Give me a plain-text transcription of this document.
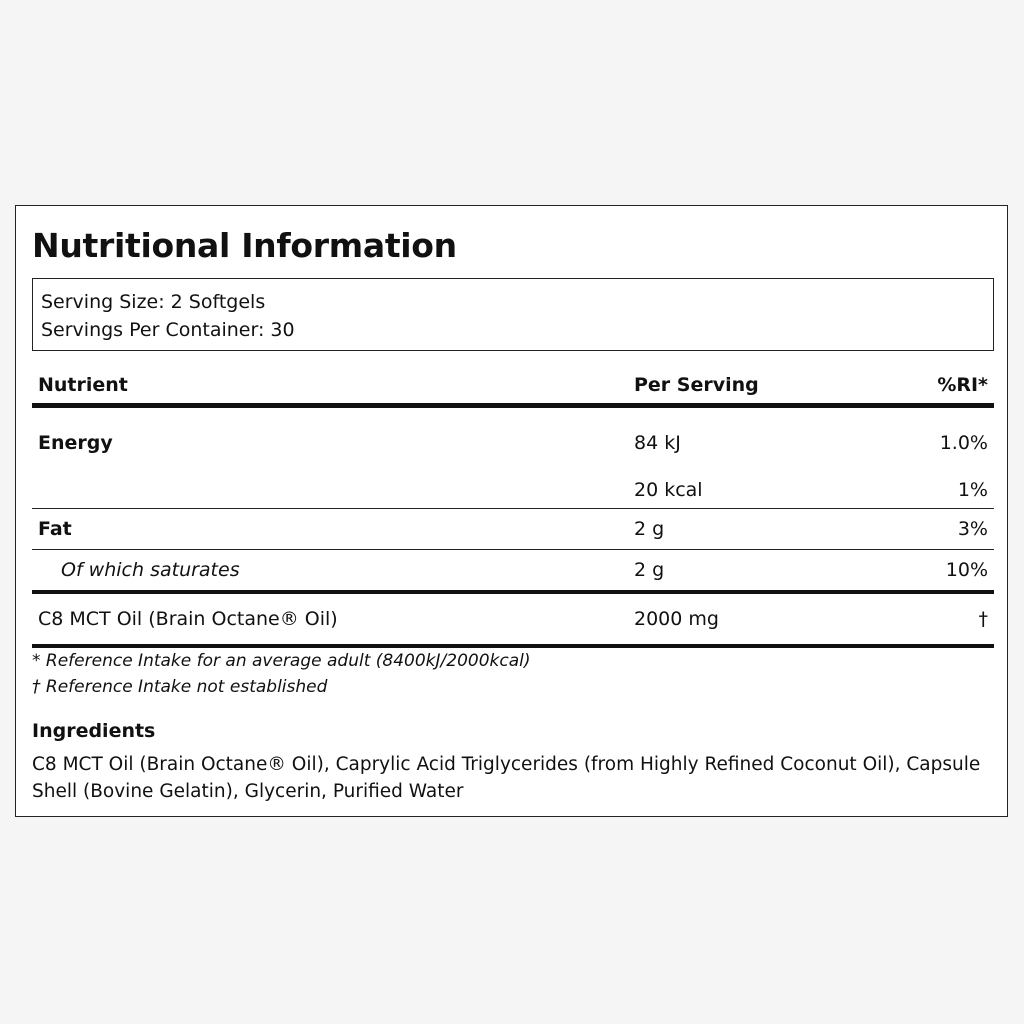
Nutritional Information
Serving Size: 2 Softgels
Servings Per Container: 30
Nutrient	Per Serving	%RI*
Energy	84 kJ	1.0%
	20 kcal	1%
Fat	2 g	3%
Of which saturates	2 g	10%
C8 MCT Oil (Brain Octane® Oil)	2000 mg	†
* Reference Intake for an average adult (8400kJ/2000kcal)
† Reference Intake not established
Ingredients
C8 MCT Oil (Brain Octane® Oil), Caprylic Acid Triglycerides (from Highly Refined Coconut Oil), Capsule Shell (Bovine Gelatin), Glycerin, Purified Water
